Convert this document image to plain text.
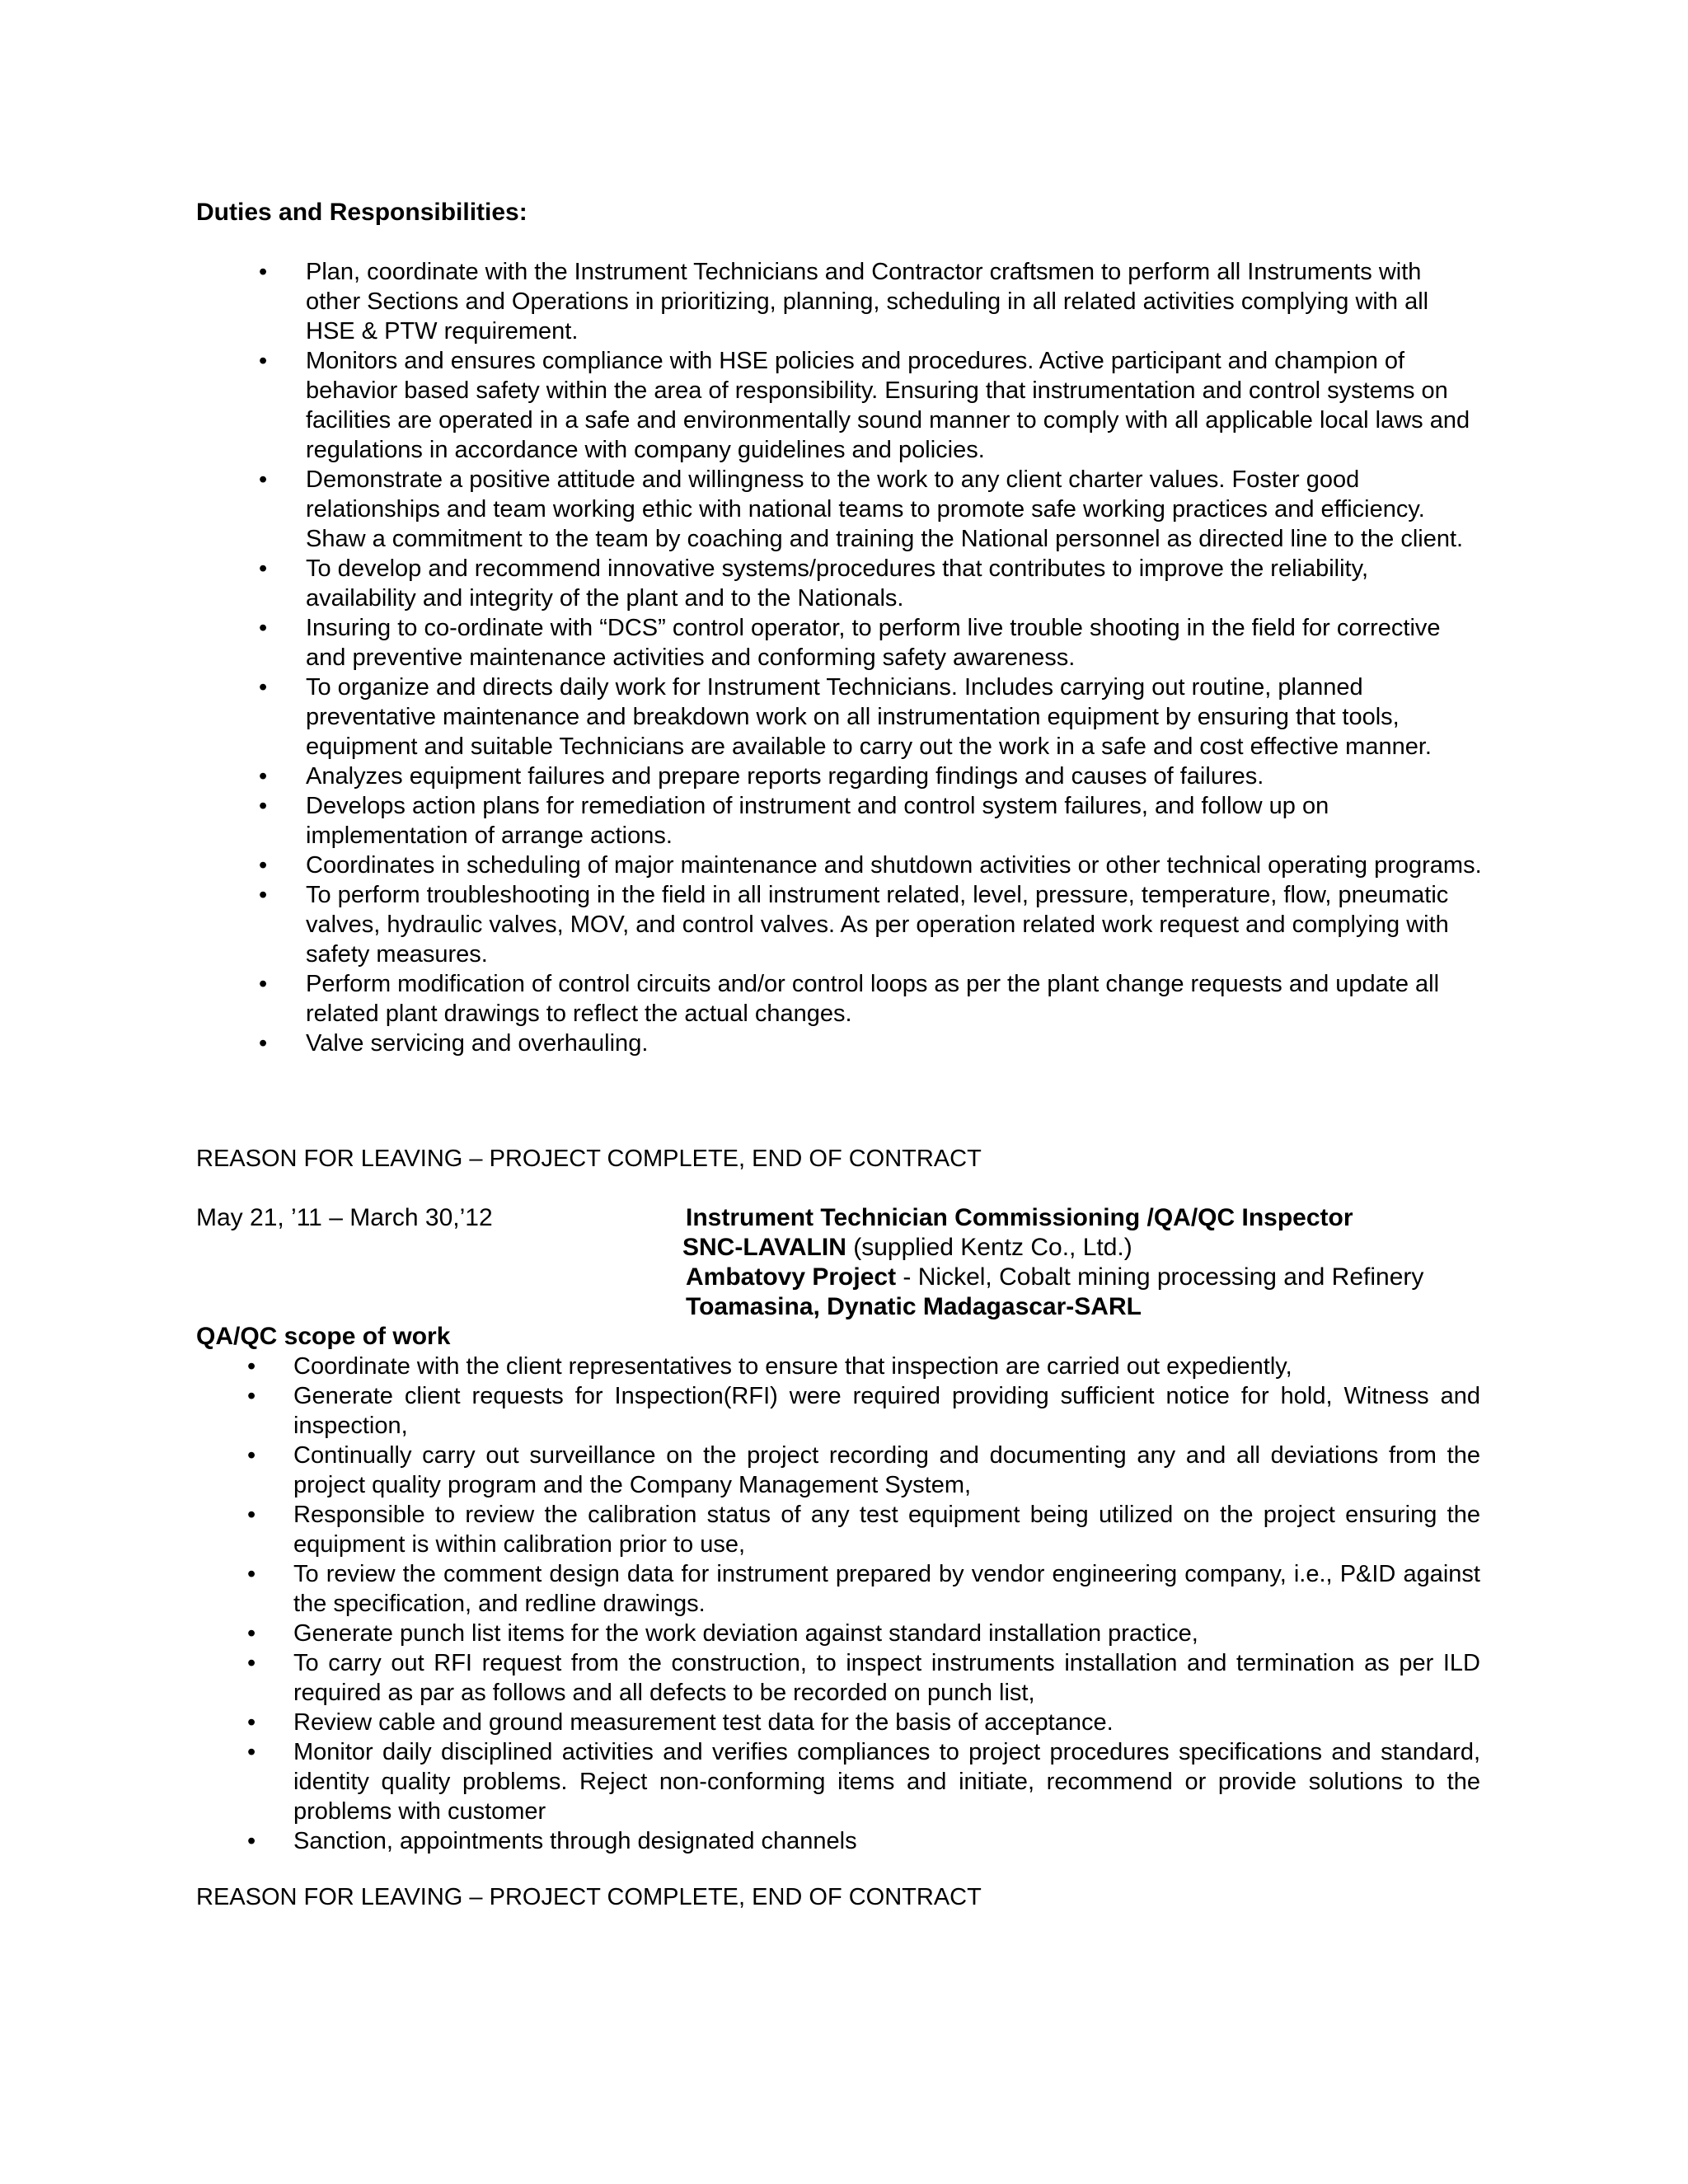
Duties and Responsibilities:
• Plan, coordinate with the Instrument Technicians and Contractor craftsmen to perform all Instruments with other Sections and Operations in prioritizing, planning, scheduling in all related activities complying with all HSE & PTW requirement.
• Monitors and ensures compliance with HSE policies and procedures. Active participant and champion of behavior based safety within the area of responsibility. Ensuring that instrumentation and control systems on facilities are operated in a safe and environmentally sound manner to comply with all applicable local laws and regulations in accordance with company guidelines and policies.
• Demonstrate a positive attitude and willingness to the work to any client charter values. Foster good relationships and team working ethic with national teams to promote safe working practices and efficiency. Shaw a commitment to the team by coaching and training the National personnel as directed line to the client.
• To develop and recommend innovative systems/procedures that contributes to improve the reliability, availability and integrity of the plant and to the Nationals.
• Insuring to co-ordinate with “DCS” control operator, to perform live trouble shooting in the field for corrective and preventive maintenance activities and conforming safety awareness.
• To organize and directs daily work for Instrument Technicians. Includes carrying out routine, planned preventative maintenance and breakdown work on all instrumentation equipment by ensuring that tools, equipment and suitable Technicians are available to carry out the work in a safe and cost effective manner.
• Analyzes equipment failures and prepare reports regarding findings and causes of failures.
• Develops action plans for remediation of instrument and control system failures, and follow up on implementation of arrange actions.
• Coordinates in scheduling of major maintenance and shutdown activities or other technical operating programs.
• To perform troubleshooting in the field in all instrument related, level, pressure, temperature, flow, pneumatic valves, hydraulic valves, MOV, and control valves. As per operation related work request and complying with safety measures.
• Perform modification of control circuits and/or control loops as per the plant change requests and update all related plant drawings to reflect the actual changes.
• Valve servicing and overhauling.
REASON FOR LEAVING – PROJECT COMPLETE, END OF CONTRACT
May 21, ’11 – March 30,’12	Instrument Technician Commissioning /QA/QC Inspector
SNC-LAVALIN (supplied Kentz Co., Ltd.)
Ambatovy Project - Nickel, Cobalt mining processing and Refinery
Toamasina, Dynatic Madagascar-SARL
QA/QC scope of work
• Coordinate with the client representatives to ensure that inspection are carried out expediently,
• Generate client requests for Inspection(RFI) were required providing sufficient notice for hold, Witness and inspection,
• Continually carry out surveillance on the project recording and documenting any and all deviations from the project quality program and the Company Management System,
• Responsible to review the calibration status of any test equipment being utilized on the project ensuring the equipment is within calibration prior to use,
• To review the comment design data for instrument prepared by vendor engineering company, i.e., P&ID against the specification, and redline drawings.
• Generate punch list items for the work deviation against standard installation practice,
• To carry out RFI request from the construction, to inspect instruments installation and termination as per ILD required as par as follows and all defects to be recorded on punch list,
• Review cable and ground measurement test data for the basis of acceptance.
• Monitor daily disciplined activities and verifies compliances to project procedures specifications and standard, identity quality problems. Reject non-conforming items and initiate, recommend or provide solutions to the problems with customer
• Sanction, appointments through designated channels
REASON FOR LEAVING – PROJECT COMPLETE, END OF CONTRACT
